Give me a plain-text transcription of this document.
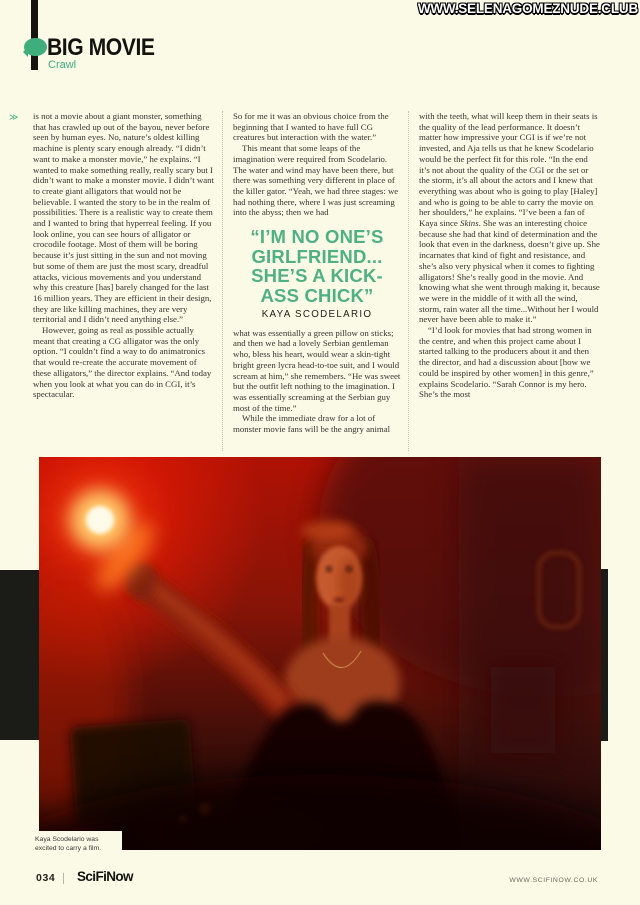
WWW.SELENAGOMEZNUDE.CLUB
BIG MOVIE
Crawl
≫ is not a movie about a giant monster, something that has crawled up out of the bayou, never before seen by human eyes. No, nature’s oldest killing machine is plenty scary enough already. “I didn’t want to make a monster movie,” he explains. “I wanted to make something really, really scary but I didn’t want to make a monster movie. I didn’t want to create giant alligators that would not be believable. I wanted the story to be in the realm of possibilities. There is a realistic way to create them and I wanted to bring that hyperreal feeling. If you look online, you can see hours of alligator or crocodile footage. Most of them will be boring because it’s just sitting in the sun and not moving but some of them are just the most scary, dreadful attacks, vicious movements and you understand why this creature [has] barely changed for the last 16 million years. They are efficient in their design, they are like killing machines, they are very territorial and I didn’t need anything else.”

However, going as real as possible actually meant that creating a CG alligator was the only option. “I couldn’t find a way to do animatronics that would re-create the accurate movement of these alligators,” the director explains. “And today when you look at what you can do in CGI, it’s spectacular.

So for me it was an obvious choice from the beginning that I wanted to have full CG creatures but interaction with the water.”

This meant that some leaps of the imagination were required from Scodelario. The water and wind may have been there, but there was something very different in place of the killer gator. “Yeah, we had three stages: we had nothing there, where I was just screaming into the abyss; then we had

“I’M NO ONE’S
GIRLFRIEND...
SHE’S A KICK-
ASS CHICK”
KAYA SCODELARIO

what was essentially a green pillow on sticks; and then we had a lovely Serbian gentleman who, bless his heart, would wear a skin-tight bright green lycra head-to-toe suit, and I would scream at him,” she remembers. “He was sweet but the outfit left nothing to the imagination. I was essentially screaming at the Serbian guy most of the time.”

While the immediate draw for a lot of monster movie fans will be the angry animal

with the teeth, what will keep them in their seats is the quality of the lead performance. It doesn’t matter how impressive your CGI is if we’re not invested, and Aja tells us that he knew Scodelario would be the perfect fit for this role. “In the end it’s not about the quality of the CGI or the set or the storm, it’s all about the actors and I knew that everything was about who is going to play [Haley] and who is going to be able to carry the movie on her shoulders,” he explains. “I’ve been a fan of Kaya since Skins. She was an interesting choice because she had that kind of determination and the look that even in the darkness, doesn’t give up. She incarnates that kind of fight and resistance, and she’s also very physical when it comes to fighting alligators! She’s really good in the movie. And knowing what she went through making it, because we were in the middle of it with all the wind, storm, rain water all the time...Without her I would never have been able to make it.”

“I’d look for movies that had strong women in the centre, and when this project came about I started talking to the producers about it and then the director, and had a discussion about [how we could be inspired by other women] in this genre,” explains Scodelario. “Sarah Connor is my hero. She’s the most

Kaya Scodelario was
excited to carry a film.
034 SciFiNow	WWW.SCIFINOW.CO.UK
